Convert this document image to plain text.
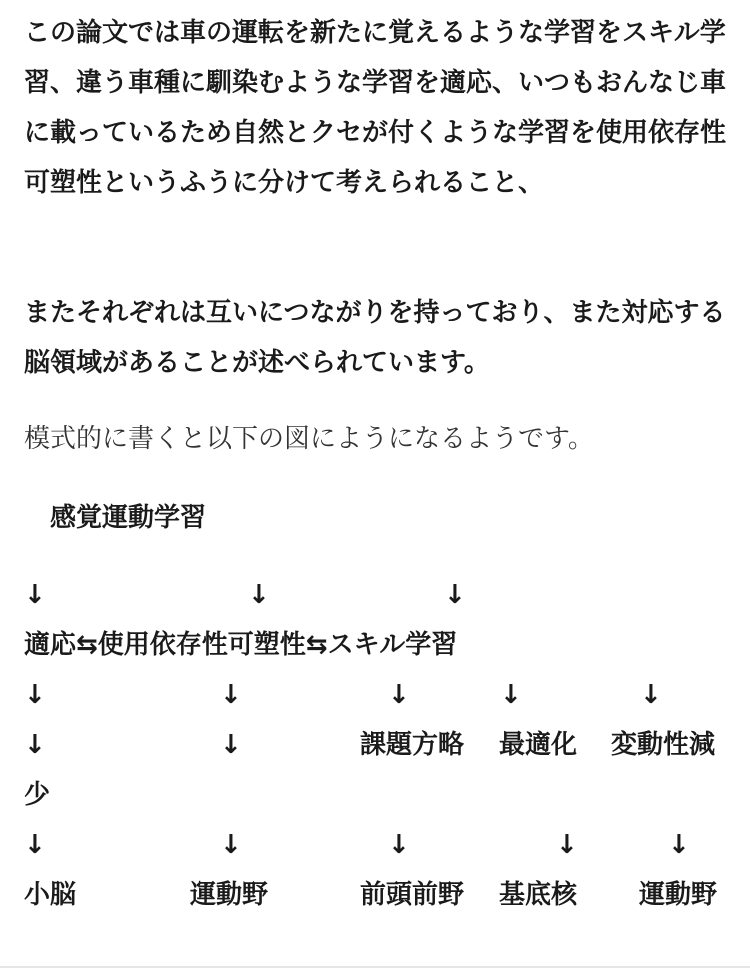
この論文では車の運転を新たに覚えるような学習をスキル学習、違う車種に馴染むような学習を適応、いつもおんなじ車に載っているため自然とクセが付くような学習を使用依存性可塑性というふうに分けて考えられること、

またそれぞれは互いにつながりを持っており、また対応する脳領域があることが述べられています。

模式的に書くと以下の図にようになるようです。

感覚運動学習
↓	↓	↓
適応⇆使用依存性可塑性⇆スキル学習
↓	↓	↓	↓	↓
↓	↓	課題方略 最適化 変動性減
少
↓	↓	↓	↓	↓
小脳	運動野	前頭前野 基底核 運動野
